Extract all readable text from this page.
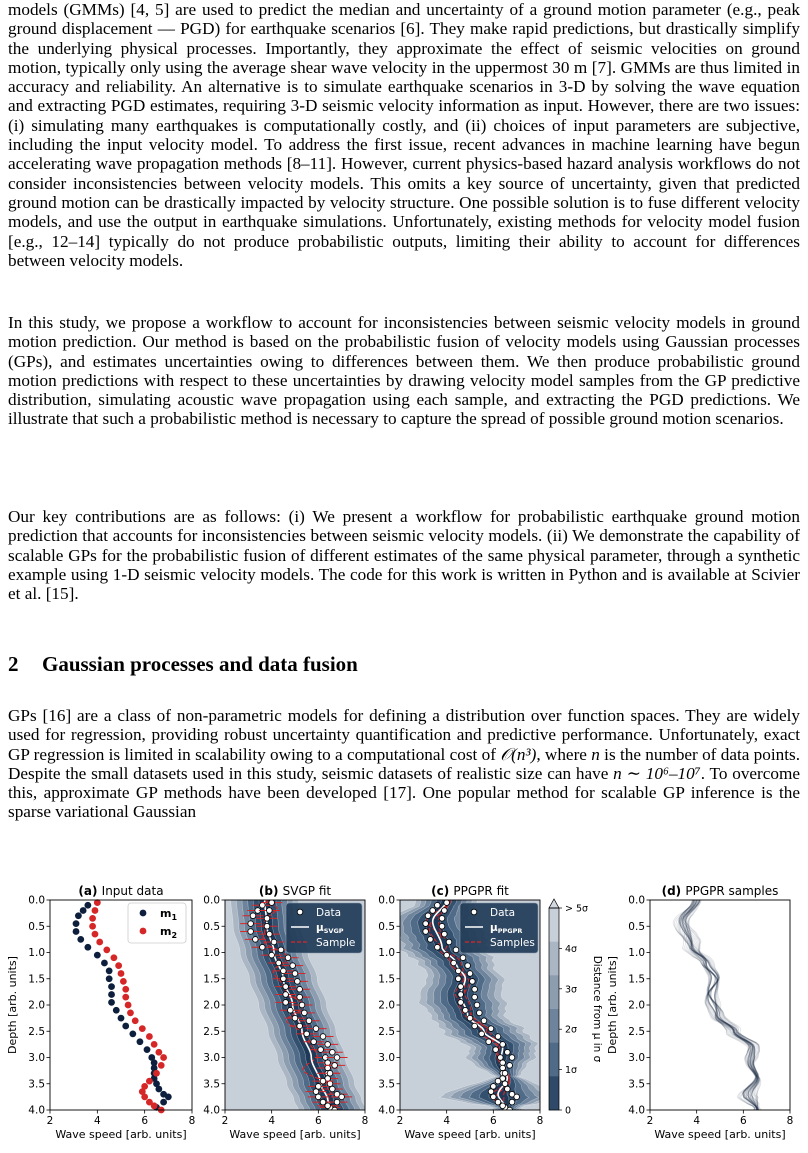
models (GMMs) [4, 5] are used to predict the median and uncertainty of a ground motion parameter (e.g., peak ground displacement — PGD) for earthquake scenarios [6]. They make rapid predictions, but drastically simplify the underlying physical processes. Importantly, they approximate the effect of seismic velocities on ground motion, typically only using the average shear wave velocity in the uppermost 30 m [7]. GMMs are thus limited in accuracy and reliability. An alternative is to simulate earthquake scenarios in 3-D by solving the wave equation and extracting PGD estimates, requiring 3-D seismic velocity information as input. However, there are two issues: (i) simulating many earthquakes is computationally costly, and (ii) choices of input parameters are subjective, including the input velocity model. To address the first issue, recent advances in machine learning have begun accelerating wave propagation methods [8–11]. However, current physics-based hazard analysis workflows do not consider inconsistencies between velocity models. This omits a key source of uncertainty, given that predicted ground motion can be drastically impacted by velocity structure. One possible solution is to fuse different velocity models, and use the output in earthquake simulations. Unfortunately, existing methods for velocity model fusion [e.g., 12–14] typically do not produce probabilistic outputs, limiting their ability to account for differences between velocity models.

In this study, we propose a workflow to account for inconsistencies between seismic velocity models in ground motion prediction. Our method is based on the probabilistic fusion of velocity models using Gaussian processes (GPs), and estimates uncertainties owing to differences between them. We then produce probabilistic ground motion predictions with respect to these uncertainties by drawing velocity model samples from the GP predictive distribution, simulating acoustic wave propagation using each sample, and extracting the PGD predictions. We illustrate that such a probabilistic method is necessary to capture the spread of possible ground motion scenarios.

Our key contributions are as follows: (i) We present a workflow for probabilistic earthquake ground motion prediction that accounts for inconsistencies between seismic velocity models. (ii) We demonstrate the capability of scalable GPs for the probabilistic fusion of different estimates of the same physical parameter, through a synthetic example using 1-D seismic velocity models. The code for this work is written in Python and is available at Scivier et al. [15].

2 Gaussian processes and data fusion

GPs [16] are a class of non-parametric models for defining a distribution over function spaces. They are widely used for regression, providing robust uncertainty quantification and predictive performance. Unfortunately, exact GP regression is limited in scalability owing to a computational cost of 𝒪(n³), where n is the number of data points. Despite the small datasets used in this study, seismic datasets of realistic size can have n ∼ 10⁶–10⁷. To overcome this, approximate GP methods have been developed [17]. One popular method for scalable GP inference is the sparse variational Gaussian

2	4	6	8
0.0
0.5
1.0
1.5
2.0
2.5
3.0
3.5
4.0
Wave speed [arb. units]
(a) Input data
2	4	6	8
0.0
0.5
1.0
1.5
2.0
2.5
3.0
3.5
4.0
Wave speed [arb. units]
(b) SVGP fit
2	4	6	8
0.0
0.5
1.0
1.5
2.0
2.5
3.0
3.5
4.0
Wave speed [arb. units]
(c) PPGPR fit
2	4	6	8
0.0
0.5
1.0
1.5
2.0
2.5
3.0
3.5
4.0
Wave speed [arb. units]
(d) PPGPR samples
Depth [arb. units]	Depth [arb. units]
$m_1$
$m_2$
Data
μSVGP
Sample
Data
μPPGPR
Samples
> 5σ
4σ
3σ
2σ
1σ
0
Distance from μ in σ
